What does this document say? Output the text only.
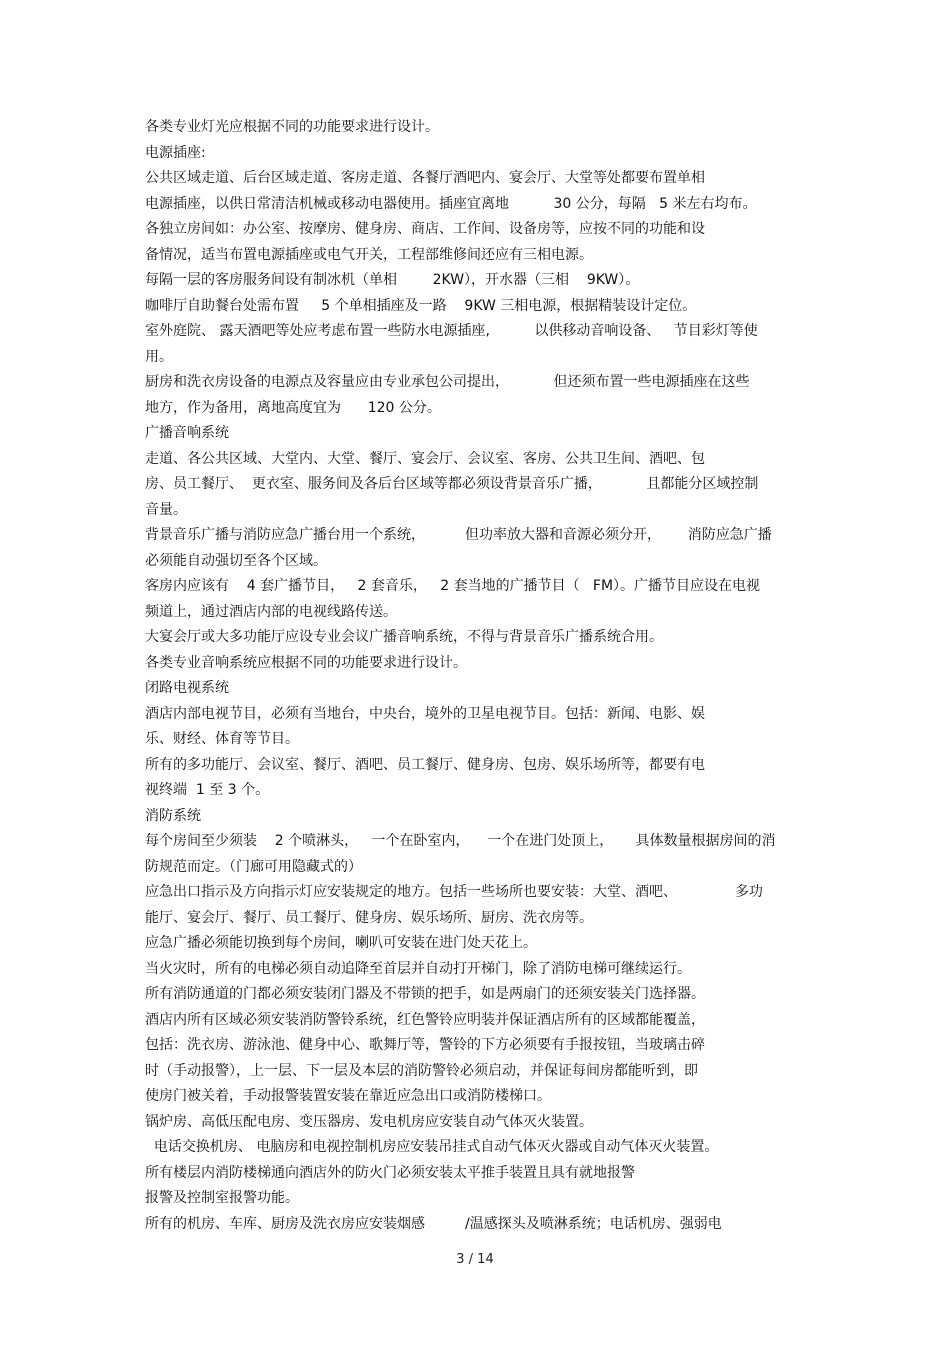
各类专业灯光应根据不同的功能要求进行设计。
电源插座:
公共区域走道、后台区域走道、客房走道、各餐厅酒吧内、宴会厅、大堂等处都要布置单相
电源插座，以供日常清洁机械或移动电器使用。插座宜离地          30 公分，每隔   5 米左右均布。
各独立房间如：办公室、按摩房、健身房、商店、工作间、设备房等，应按不同的功能和设
备情况，适当布置电源插座或电气开关，工程部维修间还应有三相电源。
每隔一层的客房服务间设有制冰机（单相        2KW），开水器（三相    9KW）。
咖啡厅自助餐台处需布置     5 个单相插座及一路    9KW 三相电源，根据精装设计定位。
室外庭院、 露天酒吧等处应考虑布置一些防水电源插座,          以供移动音响设备、   节目彩灯等使
用。
厨房和洗衣房设备的电源点及容量应由专业承包公司提出，          但还须布置一些电源插座在这些
地方，作为备用，离地高度宜为      120 公分。
广播音响系统
走道、各公共区域、大堂内、大堂、餐厅、宴会厅、会议室、客房、公共卫生间、酒吧、包
房、员工餐厅、  更衣室、服务间及各后台区域等都必须设背景音乐广播，          且都能分区域控制
音量。
背景音乐广播与消防应急广播台用一个系统，         但功率放大器和音源必须分开，      消防应急广播
必须能自动强切至各个区域。
客房内应该有    4 套广播节目，   2 套音乐，   2 套当地的广播节目（   FM）。广播节目应设在电视
频道上，通过酒店内部的电视线路传送。
大宴会厅或大多功能厅应设专业会议广播音响系统，不得与背景音乐广播系统合用。
各类专业音响系统应根据不同的功能要求进行设计。
闭路电视系统
酒店内部电视节目，必须有当地台，中央台，境外的卫星电视节目。包括：新闻、电影、娱
乐、财经、体育等节目。
所有的多功能厅、会议室、餐厅、酒吧、员工餐厅、健身房、包房、娱乐场所等，都要有电
视终端  1 至 3 个。
消防系统
每个房间至少须装    2 个喷淋头，   一个在卧室内，    一个在进门处顶上，     具体数量根据房间的消
防规范而定。（门廊可用隐藏式的）
应急出口指示及方向指示灯应安装规定的地方。包括一些场所也要安装：大堂、酒吧、             多功
能厅、宴会厅、餐厅、员工餐厅、健身房、娱乐场所、厨房、洗衣房等。
应急广播必须能切换到每个房间，喇叭可安装在进门处天花上。
当火灾时，所有的电梯必须自动追降至首层并自动打开梯门，除了消防电梯可继续运行。
所有消防通道的门都必须安装闭门器及不带锁的把手，如是两扇门的还须安装关门选择器。
酒店内所有区域必须安装消防警铃系统，红色警铃应明装并保证酒店所有的区域都能覆盖，
包括：洗衣房、游泳池、健身中心、歌舞厅等，警铃的下方必须要有手报按钮，当玻璃击碎
时（手动报警），上一层、下一层及本层的消防警铃必须启动，并保证每间房都能听到，即
使房门被关着，手动报警装置安装在靠近应急出口或消防楼梯口。
锅炉房、高低压配电房、变压器房、发电机房应安装自动气体灭火装置。
电话交换机房、 电脑房和电视控制机房应安装吊挂式自动气体灭火器或自动气体灭火装置。
所有楼层内消防楼梯通向酒店外的防火门必须安装太平推手装置且具有就地报警
报警及控制室报警功能。
所有的机房、车库、厨房及洗衣房应安装烟感         /温感探头及喷淋系统；电话机房、强弱电
3 / 14
